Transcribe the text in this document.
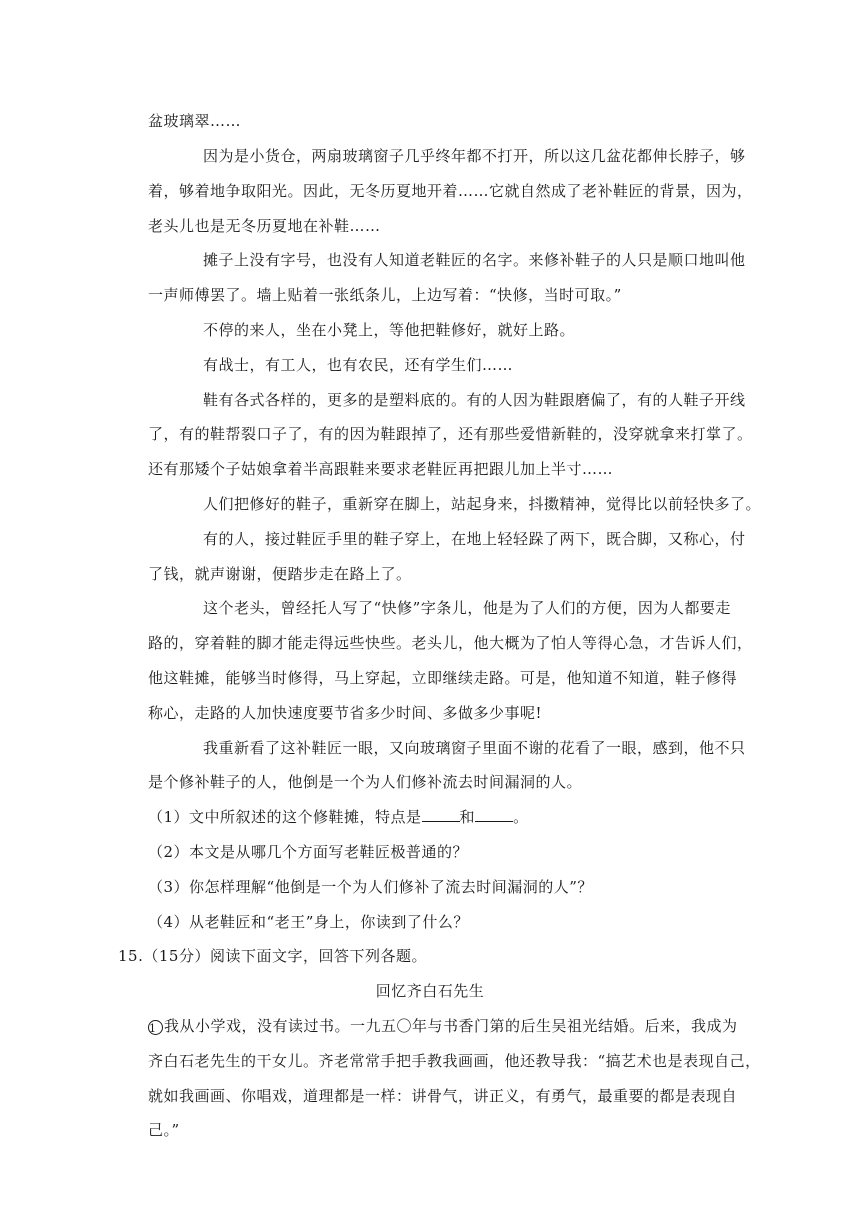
盆玻璃翠……
因为是小货仓，两扇玻璃窗子几乎终年都不打开，所以这几盆花都伸长脖子，够
着，够着地争取阳光。因此，无冬历夏地开着……它就自然成了老补鞋匠的背景，因为，
老头儿也是无冬历夏地在补鞋……
摊子上没有字号，也没有人知道老鞋匠的名字。来修补鞋子的人只是顺口地叫他
一声师傅罢了。墙上贴着一张纸条儿，上边写着：“快修，当时可取。”
不停的来人，坐在小凳上，等他把鞋修好，就好上路。
有战士，有工人，也有农民，还有学生们……
鞋有各式各样的，更多的是塑料底的。有的人因为鞋跟磨偏了，有的人鞋子开线
了，有的鞋帮裂口子了，有的因为鞋跟掉了，还有那些爱惜新鞋的，没穿就拿来打掌了。
还有那矮个子姑娘拿着半高跟鞋来要求老鞋匠再把跟儿加上半寸……
人们把修好的鞋子，重新穿在脚上，站起身来，抖擞精神，觉得比以前轻快多了。
有的人，接过鞋匠手里的鞋子穿上，在地上轻轻跺了两下，既合脚，又称心，付
了钱，就声谢谢，便踏步走在路上了。
这个老头，曾经托人写了“快修”字条儿，他是为了人们的方便，因为人都要走
路的，穿着鞋的脚才能走得远些快些。老头儿，他大概为了怕人等得心急，才告诉人们，
他这鞋摊，能够当时修得，马上穿起，立即继续走路。可是，他知道不知道，鞋子修得
称心，走路的人加快速度要节省多少时间、多做多少事呢!
我重新看了这补鞋匠一眼，又向玻璃窗子里面不谢的花看了一眼，感到，他不只
是个修补鞋子的人，他倒是一个为人们修补流去时间漏洞的人。
（1）文中所叙述的这个修鞋摊，特点是	和	。
（2）本文是从哪几个方面写老鞋匠极普通的？
（3）你怎样理解“他倒是一个为人们修补了流去时间漏洞的人”？
（4）从老鞋匠和“老王”身上，你读到了什么？
15.（15分）阅读下面文字，回答下列各题。
回忆齐白石先生
1 我从小学戏，没有读过书。一九五〇年与书香门第的后生吴祖光结婚。后来，我成为
齐白石老先生的干女儿。齐老常常手把手教我画画，他还教导我：“搞艺术也是表现自己，
就如我画画、你唱戏，道理都是一样：讲骨气，讲正义，有勇气，最重要的都是表现自
己。”
